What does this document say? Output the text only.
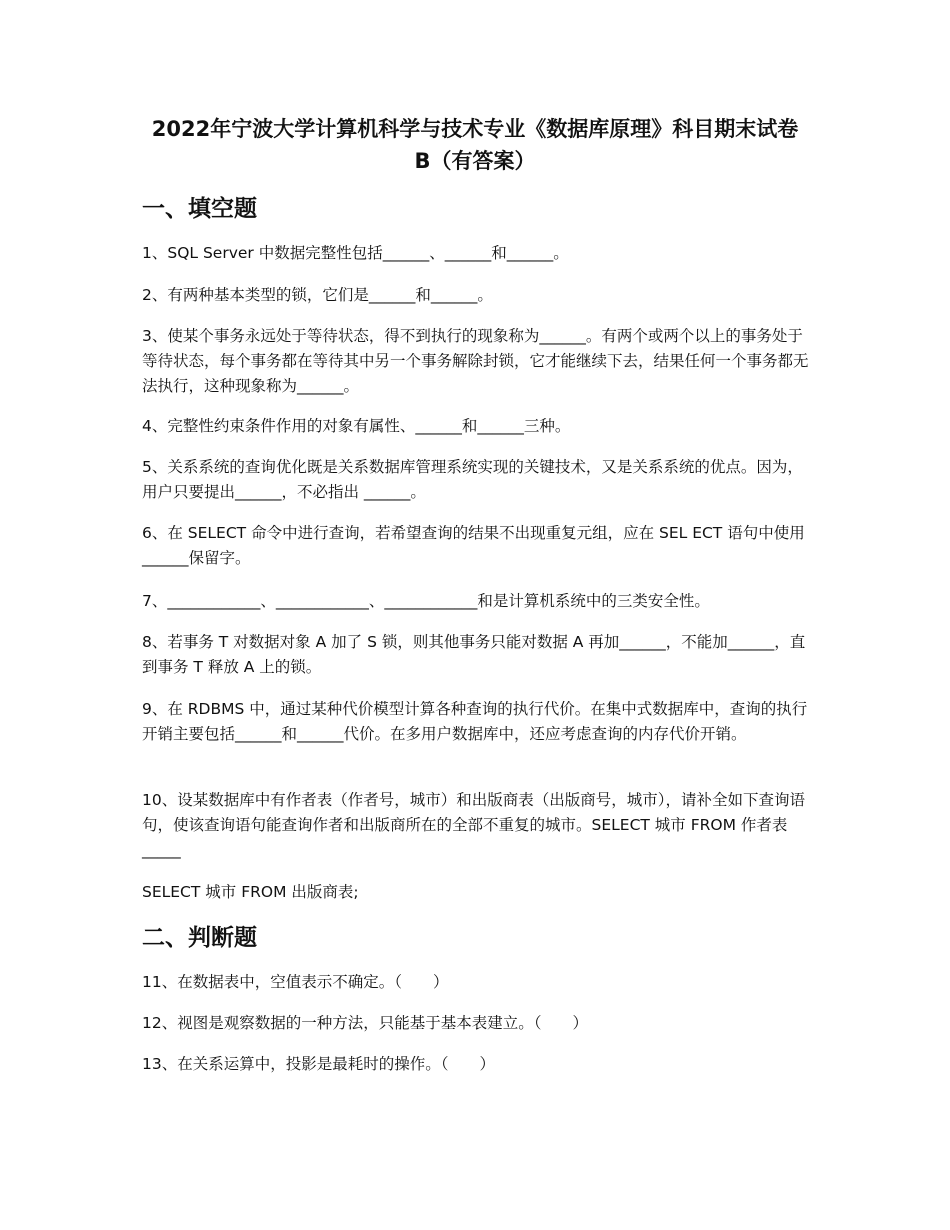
2022年宁波大学计算机科学与技术专业《数据库原理》科目期末试卷
B（有答案）
一、填空题

1、SQL Server 中数据完整性包括______、______和______。

2、有两种基本类型的锁，它们是______和______。

3、使某个事务永远处于等待状态，得不到执行的现象称为______。有两个或两个以上的事务处于等待状态，每个事务都在等待其中另一个事务解除封锁，它才能继续下去，结果任何一个事务都无法执行，这种现象称为______。

4、完整性约束条件作用的对象有属性、______和______三种。

5、关系系统的查询优化既是关系数据库管理系统实现的关键技术，又是关系系统的优点。因为，用户只要提出______，不必指出 ______。

6、在 SELECT 命令中进行查询，若希望查询的结果不出现重复元组，应在 SEL ECT 语句中使用______保留字。

7、____________、____________、____________和是计算机系统中的三类安全性。

8、若事务 T 对数据对象 A 加了 S 锁，则其他事务只能对数据 A 再加______，不能加______，直到事务 T 释放 A 上的锁。

9、在 RDBMS 中，通过某种代价模型计算各种查询的执行代价。在集中式数据库中，查询的执行开销主要包括______和______代价。在多用户数据库中，还应考虑查询的内存代价开销。

10、设某数据库中有作者表（作者号，城市）和出版商表（出版商号，城市），请补全如下查询语句，使该查询语句能查询作者和出版商所在的全部不重复的城市。SELECT 城市 FROM 作者表_____

SELECT 城市 FROM 出版商表;

二、判断题

11、在数据表中，空值表示不确定。（　　）

12、视图是观察数据的一种方法，只能基于基本表建立。（　　）

13、在关系运算中，投影是最耗时的操作。（　　）
